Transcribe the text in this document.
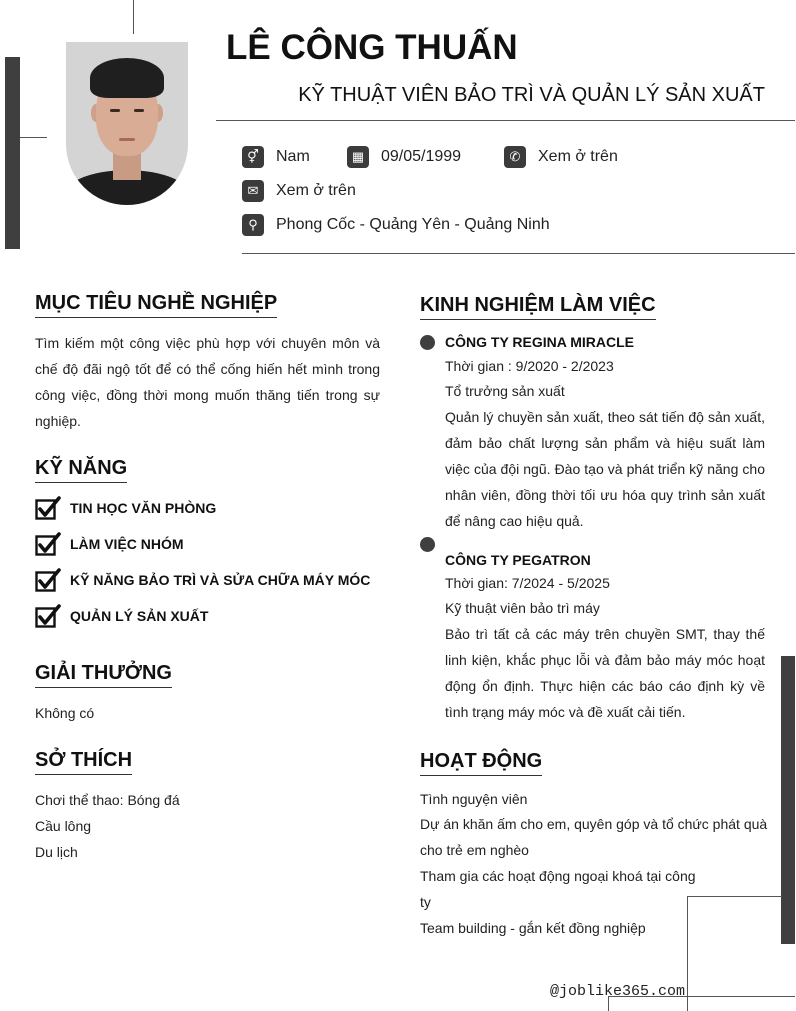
LÊ CÔNG THUẤN
KỸ THUẬT VIÊN BẢO TRÌ VÀ QUẢN LÝ SẢN XUẤT
⚥	Nam	▦	09/05/1999	✆	Xem ở trên
✉	Xem ở trên
⚲	Phong Cốc - Quảng Yên - Quảng Ninh
MỤC TIÊU NGHỀ NGHIỆP
Tìm kiếm một công việc phù hợp với chuyên môn và chế độ đãi ngộ tốt để có thể cống hiến hết mình trong công việc, đồng thời mong muốn thăng tiến trong sự nghiệp.
KỸ NĂNG
TIN HỌC VĂN PHÒNG
LÀM VIỆC NHÓM
KỸ NĂNG BẢO TRÌ VÀ SỬA CHỮA MÁY MÓC
QUẢN LÝ SẢN XUẤT
GIẢI THƯỞNG
Không có
SỞ THÍCH
Chơi thể thao: Bóng đá
Cầu lông
Du lịch
KINH NGHIỆM LÀM VIỆC
CÔNG TY REGINA MIRACLE
Thời gian : 9/2020 - 2/2023
Tổ trưởng sản xuất
Quản lý chuyền sản xuất, theo sát tiến độ sản xuất, đảm bảo chất lượng sản phẩm và hiệu suất làm việc của đội ngũ. Đào tạo và phát triển kỹ năng cho nhân viên, đồng thời tối ưu hóa quy trình sản xuất để nâng cao hiệu quả.
CÔNG TY PEGATRON
Thời gian: 7/2024 - 5/2025
Kỹ thuật viên bảo trì máy
Bảo trì tất cả các máy trên chuyền SMT, thay thế linh kiện, khắc phục lỗi và đảm bảo máy móc hoạt động ổn định. Thực hiện các báo cáo định kỳ về tình trạng máy móc và đề xuất cải tiến.
HOẠT ĐỘNG
Tình nguyện viên
Dự án khăn ấm cho em, quyên góp và tổ chức phát quà
cho trẻ em nghèo
Tham gia các hoạt động ngoại khoá tại công
ty
Team building - gắn kết đồng nghiệp
@joblike365.com
